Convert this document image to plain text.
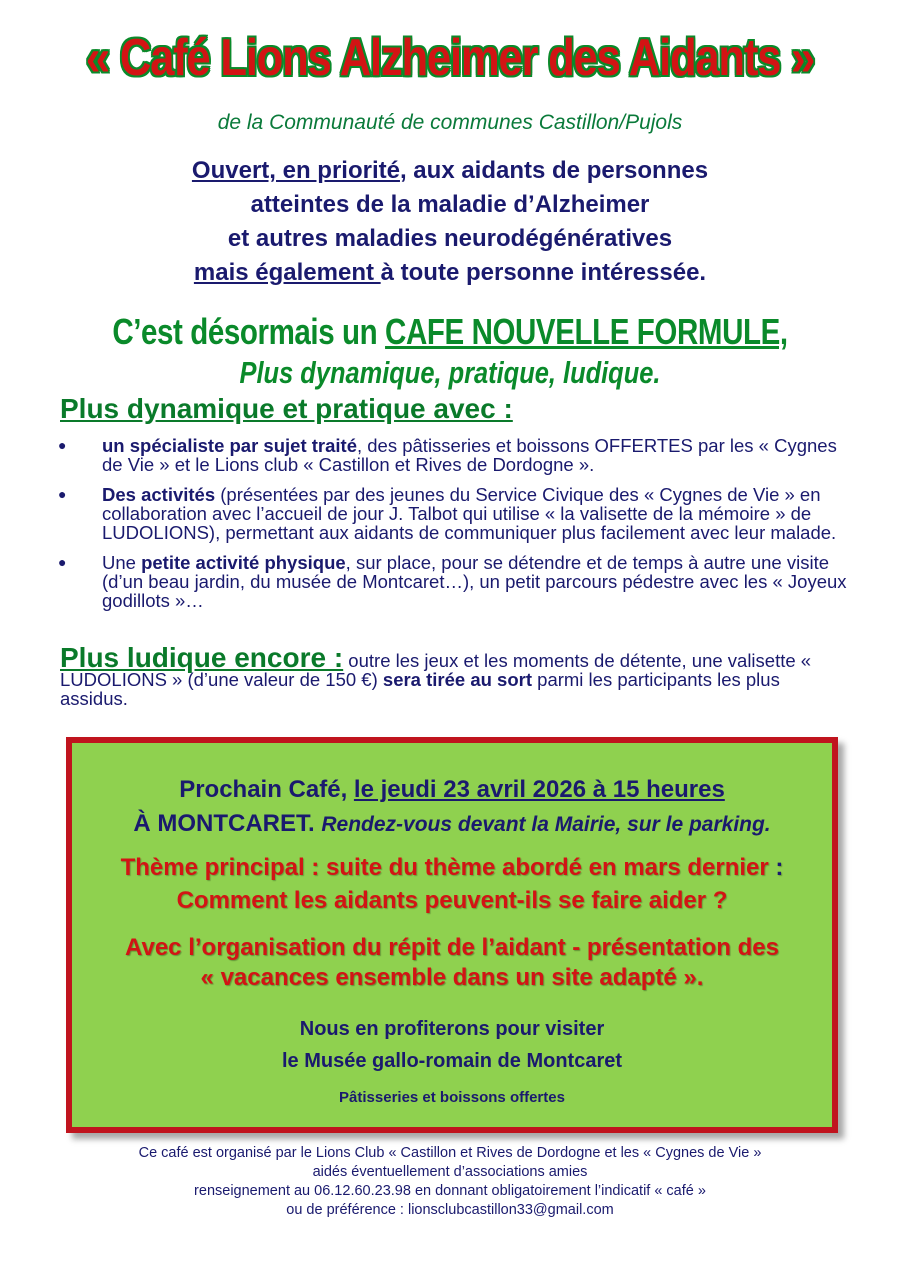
« Café Lions Alzheimer des Aidants »
de la Communauté de communes Castillon/Pujols
Ouvert, en priorité, aux aidants de personnes
atteintes de la maladie d’Alzheimer
et autres maladies neurodégénératives
mais également à toute personne intéressée.
C’est désormais un CAFE NOUVELLE FORMULE,
Plus dynamique, pratique, ludique.
Plus dynamique et pratique avec :
● un spécialiste par sujet traité, des pâtisseries et boissons OFFERTES par les « Cygnes de Vie » et le Lions club « Castillon et Rives de Dordogne ».
● Des activités (présentées par des jeunes du Service Civique des « Cygnes de Vie » en collaboration avec l’accueil de jour J. Talbot qui utilise « la valisette de la mémoire » de LUDOLIONS), permettant aux aidants de communiquer plus facilement avec leur malade.
● Une petite activité physique, sur place, pour se détendre et de temps à autre une visite (d’un beau jardin, du musée de Montcaret…), un petit parcours pédestre avec les « Joyeux godillots »…
Plus ludique encore : outre les jeux et les moments de détente, une valisette « LUDOLIONS » (d’une valeur de 150 €) sera tirée au sort parmi les participants les plus assidus.
Prochain Café, le jeudi 23 avril 2026 à 15 heures
À MONTCARET. Rendez-vous devant la Mairie, sur le parking.
Thème principal : suite du thème abordé en mars dernier :
Comment les aidants peuvent-ils se faire aider ?
Avec l’organisation du répit de l’aidant - présentation des
« vacances ensemble dans un site adapté ».
Nous en profiterons pour visiter
le Musée gallo-romain de Montcaret
Pâtisseries et boissons offertes
Ce café est organisé par le Lions Club « Castillon et Rives de Dordogne et les « Cygnes de Vie »
aidés éventuellement d’associations amies
renseignement au 06.12.60.23.98 en donnant obligatoirement l’indicatif « café »
ou de préférence : lionsclubcastillon33@gmail.com
